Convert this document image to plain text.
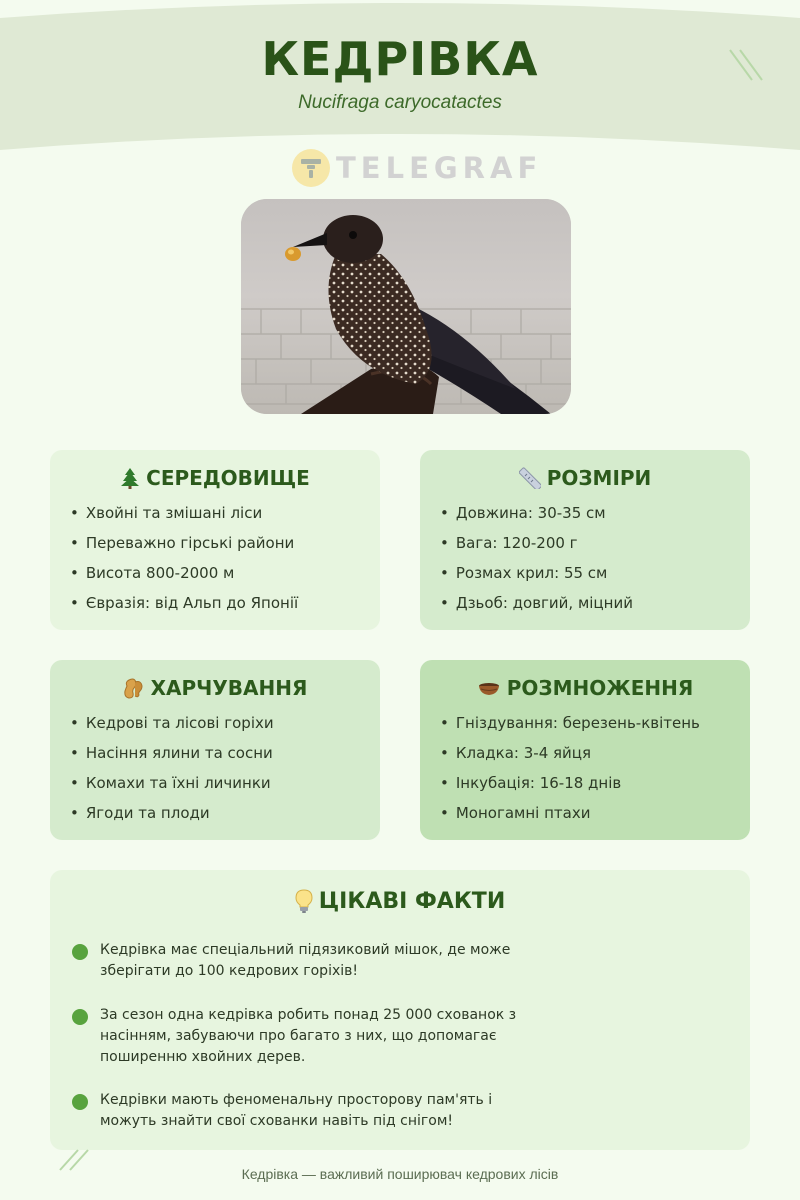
КЕДРІВКА
Nucifraga caryocatactes
TELEGRAF
СЕРЕДОВИЩЕ
• Хвойні та змішані ліси
• Переважно гірські райони
• Висота 800-2000 м
• Євразія: від Альп до Японії
РОЗМІРИ
• Довжина: 30-35 см
• Вага: 120-200 г
• Розмах крил: 55 см
• Дзьоб: довгий, міцний
ХАРЧУВАННЯ
• Кедрові та лісові горіхи
• Насіння ялини та сосни
• Комахи та їхні личинки
• Ягоди та плоди
РОЗМНОЖЕННЯ
• Гніздування: березень-квітень
• Кладка: 3-4 яйця
• Інкубація: 16-18 днів
• Моногамні птахи
ЦІКАВІ ФАКТИ

Кедрівка має спеціальний підязиковий мішок, де може зберігати до 100 кедрових горіхів!

За сезон одна кедрівка робить понад 25 000 схованок з насінням, забуваючи про багато з них, що допомагає поширенню хвойних дерев.

Кедрівки мають феноменальну просторову пам'ять і можуть знайти свої схованки навіть під снігом!

Кедрівка — важливий поширювач кедрових лісів
